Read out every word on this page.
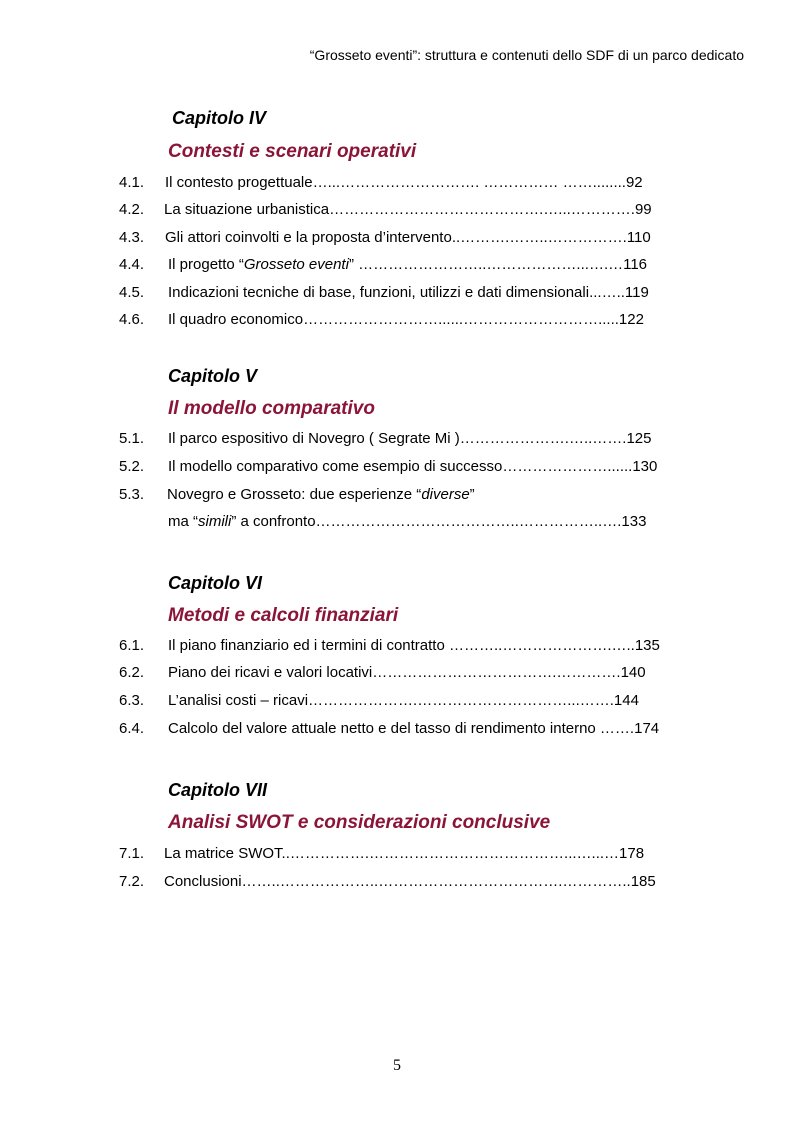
“Grosseto eventi”: struttura e contenuti dello SDF di un parco dedicato
Capitolo IV
Contesti e scenari operativi
4.1. Il contesto progettuale…...………………………. …………… ……........92
4.2. La situazione urbanistica…………………………………….…...………….99
4.3. Gli attori coinvolti e la proposta d’intervento..……….……..…………….110
4.4. Il progetto “Grosseto eventi” ……………………..………………...….…116
4.5. Indicazioni tecniche di base, funzioni, utilizzi e dati dimensionali...…..119
4.6. Il quadro economico………………………......……………………….....122
Capitolo V
Il modello comparativo
5.1. Il parco espositivo di Novegro ( Segrate Mi )………………….…..…….125
5.2. Il modello comparativo come esempio di successo…………………......130
5.3. Novegro e Grosseto: due esperienze “diverse”
ma “simili” a confronto…………………………………..……………..….133
Capitolo VI
Metodi e calcoli finanziari
6.1. Il piano finanziario ed i termini di contratto ………..………………….…..135
6.2. Piano dei ricavi e valori locativi……………………………….………….140
6.3. L’analisi costi – ricavi………………….…………………………...…….144
6.4. Calcolo del valore attuale netto e del tasso di rendimento interno …….174
Capitolo VII
Analisi SWOT e considerazioni conclusive
7.1. La matrice SWOT..…………….…………………………………...…...…178
7.2. Conclusioni……..………………..……………………………….…………..185
5
